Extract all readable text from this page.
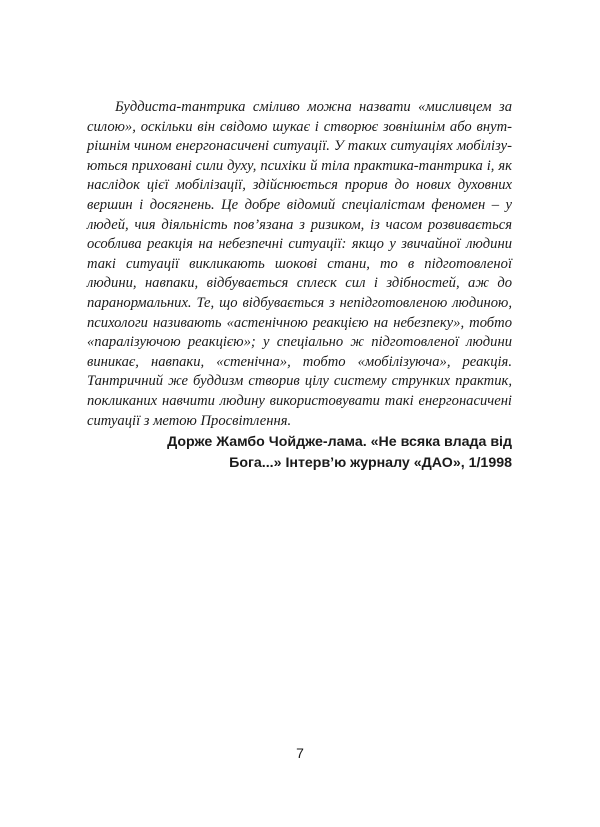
Буддиста-тантрика сміливо можна назвати «мисливцем за силою», оскільки він свідомо шукає і створює зовнішнім або внутрішнім чином енергонасичені ситуації. У таких ситуаціях мобілізуються приховані сили духу, психіки й тіла практика-тантрика і, як наслідок цієї мобілізації, здійснюється прорив до нових духовних вершин і досягнень. Це добре відомий спеціалістам феномен – у людей, чия діяльність пов’язана з ризиком, із часом розвивається особлива реакція на небезпечні ситуації: якщо у звичайної людини такі ситуації викликають шокові стани, то в підготовленої людини, навпаки, відбувається сплеск сил і здібностей, аж до паранормальних. Те, що відбувається з непідготовленою людиною, психологи називають «астенічною реакцією на небезпеку», тобто «паралізуючою реакцією»; у спеціально ж підготовленої людини виникає, навпаки, «стенічна», тобто «мобілізуюча», реакція. Тантричний же буддизм створив цілу систему струнких практик, покликаних навчити людину використовувати такі енергонасичені ситуації з метою Просвітлення.

Дорже Жамбо Чойдже-лама. «Не всяка влада від
Бога...» Інтерв’ю журналу «ДАО», 1/1998

7
